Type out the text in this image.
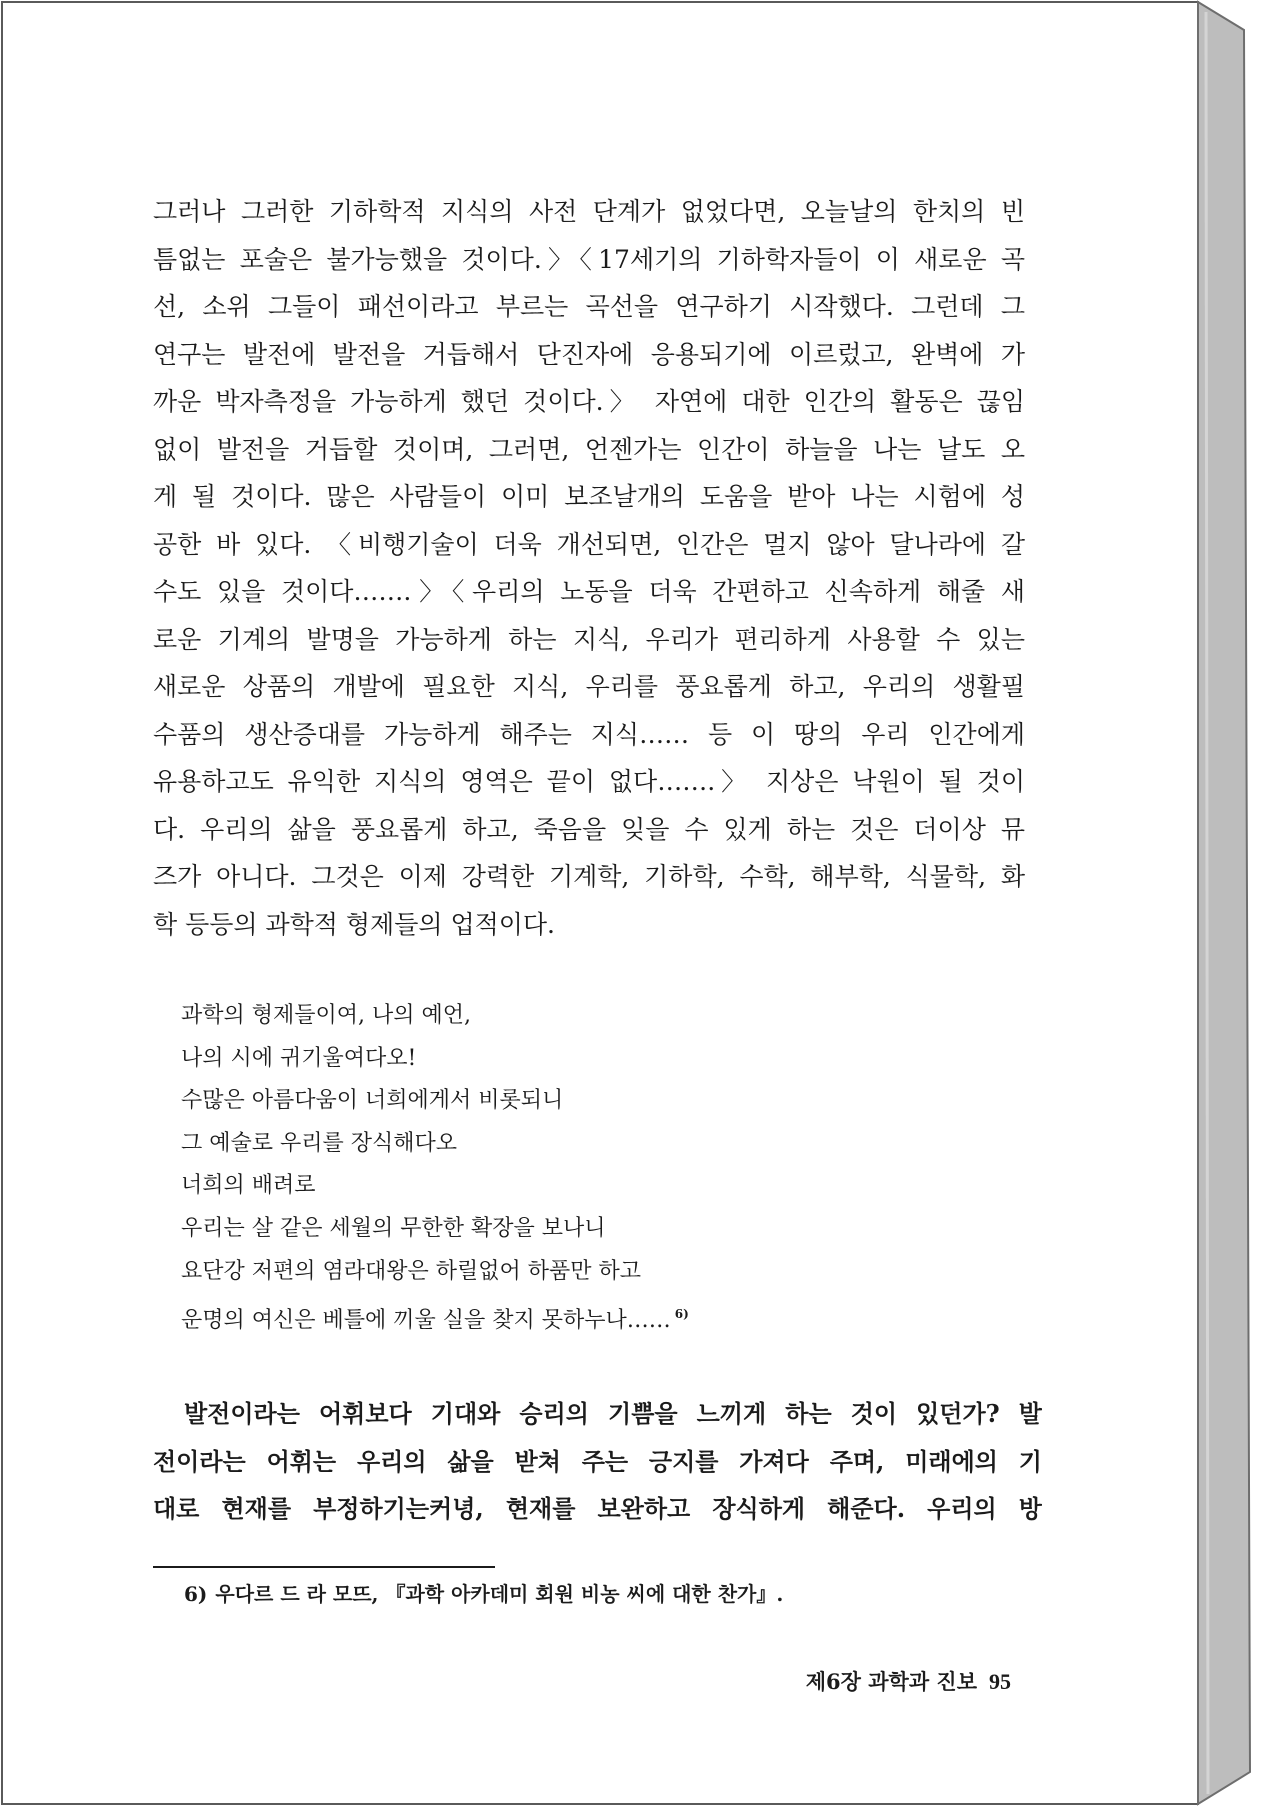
그러나 그러한 기하학적 지식의 사전 단계가 없었다면, 오늘날의 한치의 빈
틈없는 포술은 불가능했을 것이다.〉〈17세기의 기하학자들이 이 새로운 곡
선, 소위 그들이 패선이라고 부르는 곡선을 연구하기 시작했다. 그런데 그
연구는 발전에 발전을 거듭해서 단진자에 응용되기에 이르렀고, 완벽에 가
까운 박자측정을 가능하게 했던 것이다.〉 자연에 대한 인간의 활동은 끊임
없이 발전을 거듭할 것이며, 그러면, 언젠가는 인간이 하늘을 나는 날도 오
게 될 것이다. 많은 사람들이 이미 보조날개의 도움을 받아 나는 시험에 성
공한 바 있다. 〈비행기술이 더욱 개선되면, 인간은 멀지 않아 달나라에 갈
수도 있을 것이다…….〉〈우리의 노동을 더욱 간편하고 신속하게 해줄 새
로운 기계의 발명을 가능하게 하는 지식, 우리가 편리하게 사용할 수 있는
새로운 상품의 개발에 필요한 지식, 우리를 풍요롭게 하고, 우리의 생활필
수품의 생산증대를 가능하게 해주는 지식…… 등 이 땅의 우리 인간에게
유용하고도 유익한 지식의 영역은 끝이 없다…….〉 지상은 낙원이 될 것이
다. 우리의 삶을 풍요롭게 하고, 죽음을 잊을 수 있게 하는 것은 더이상 뮤
즈가 아니다. 그것은 이제 강력한 기계학, 기하학, 수학, 해부학, 식물학, 화
학 등등의 과학적 형제들의 업적이다.
과학의 형제들이여, 나의 예언,
나의 시에 귀기울여다오!
수많은 아름다움이 너희에게서 비롯되니
그 예술로 우리를 장식해다오
너희의 배려로
우리는 살 같은 세월의 무한한 확장을 보나니
요단강 저편의 염라대왕은 하릴없어 하품만 하고
운명의 여신은 베틀에 끼울 실을 찾지 못하누나…… $^{6)}$
발전이라는 어휘보다 기대와 승리의 기쁨을 느끼게 하는 것이 있던가? 발
전이라는 어휘는 우리의 삶을 받쳐 주는 긍지를 가져다 주며, 미래에의 기
대로 현재를 부정하기는커녕, 현재를 보완하고 장식하게 해준다. 우리의 방
6) 우다르 드 라 모뜨, 『과학 아카데미 회원 비농 씨에 대한 찬가』.
제6장 과학과 진보 95
